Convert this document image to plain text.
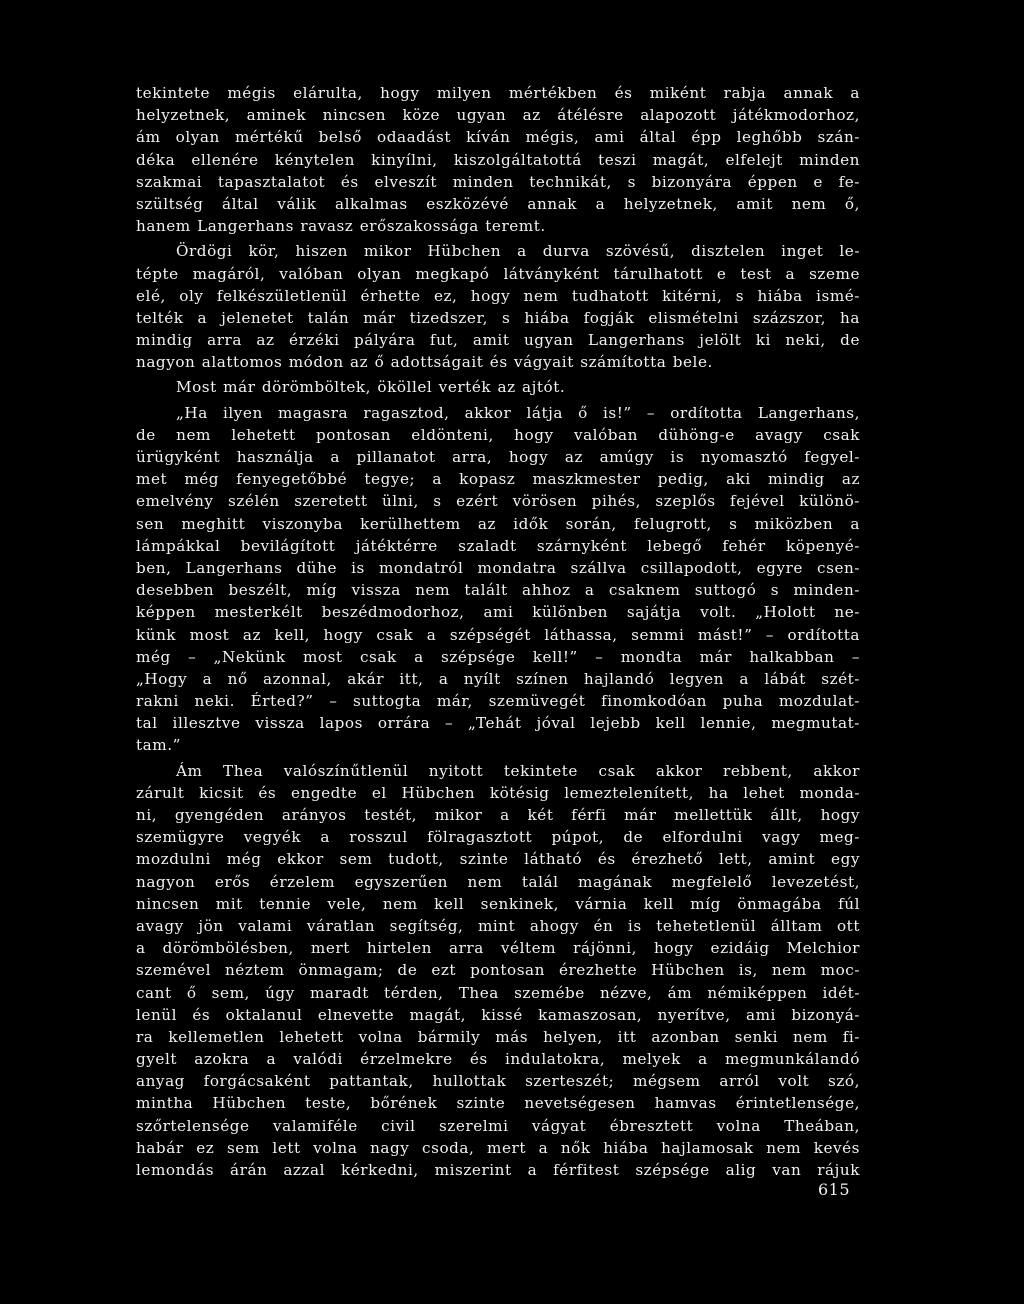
tekintete mégis elárulta, hogy milyen mértékben és miként rabja annak a
helyzetnek, aminek nincsen köze ugyan az átélésre alapozott játékmodorhoz,
ám olyan mértékű belső odaadást kíván mégis, ami által épp leghőbb szán-
déka ellenére kénytelen kinyílni, kiszolgáltatottá teszi magát, elfelejt minden
szakmai tapasztalatot és elveszít minden technikát, s bizonyára éppen e fe-
szültség által válik alkalmas eszközévé annak a helyzetnek, amit nem ő,
hanem Langerhans ravasz erőszakossága teremt.
Ördögi kör, hiszen mikor Hübchen a durva szövésű, disztelen inget le-
tépte magáról, valóban olyan megkapó látványként tárulhatott e test a szeme
elé, oly felkészületlenül érhette ez, hogy nem tudhatott kitérni, s hiába ismé-
telték a jelenetet talán már tizedszer, s hiába fogják elismételni százszor, ha
mindig arra az érzéki pályára fut, amit ugyan Langerhans jelölt ki neki, de
nagyon alattomos módon az ő adottságait és vágyait számította bele.
Most már dörömböltek, ököllel verték az ajtót.
„Ha ilyen magasra ragasztod, akkor látja ő is!” – ordította Langerhans,
de nem lehetett pontosan eldönteni, hogy valóban dühöng-e avagy csak
ürügyként használja a pillanatot arra, hogy az amúgy is nyomasztó fegyel-
met még fenyegetőbbé tegye; a kopasz maszkmester pedig, aki mindig az
emelvény szélén szeretett ülni, s ezért vörösen pihés, szeplős fejével különö-
sen meghitt viszonyba kerülhettem az idők során, felugrott, s miközben a
lámpákkal bevilágított játéktérre szaladt szárnyként lebegő fehér köpenyé-
ben, Langerhans dühe is mondatról mondatra szállva csillapodott, egyre csen-
desebben beszélt, míg vissza nem talált ahhoz a csaknem suttogó s minden-
képpen mesterkélt beszédmodorhoz, ami különben sajátja volt. „Holott ne-
künk most az kell, hogy csak a szépségét láthassa, semmi mást!” – ordította
még – „Nekünk most csak a szépsége kell!” – mondta már halkabban –
„Hogy a nő azonnal, akár itt, a nyílt színen hajlandó legyen a lábát szét-
rakni neki. Érted?” – suttogta már, szemüvegét finomkodóan puha mozdulat-
tal illesztve vissza lapos orrára – „Tehát jóval lejebb kell lennie, megmutat-
tam.”
Ám Thea valószínűtlenül nyitott tekintete csak akkor rebbent, akkor
zárult kicsit és engedte el Hübchen kötésig lemeztelenített, ha lehet monda-
ni, gyengéden arányos testét, mikor a két férfi már mellettük állt, hogy
szemügyre vegyék a rosszul fölragasztott púpot, de elfordulni vagy meg-
mozdulni még ekkor sem tudott, szinte látható és érezhető lett, amint egy
nagyon erős érzelem egyszerűen nem talál magának megfelelő levezetést,
nincsen mit tennie vele, nem kell senkinek, várnia kell míg önmagába fúl
avagy jön valami váratlan segítség, mint ahogy én is tehetetlenül álltam ott
a dörömbölésben, mert hirtelen arra véltem rájönni, hogy ezidáig Melchior
szemével néztem önmagam; de ezt pontosan érezhette Hübchen is, nem moc-
cant ő sem, úgy maradt térden, Thea szemébe nézve, ám némiképpen idét-
lenül és oktalanul elnevette magát, kissé kamaszosan, nyerítve, ami bizonyá-
ra kellemetlen lehetett volna bármily más helyen, itt azonban senki nem fi-
gyelt azokra a valódi érzelmekre és indulatokra, melyek a megmunkálandó
anyag forgácsaként pattantak, hullottak szerteszét; mégsem arról volt szó,
mintha Hübchen teste, bőrének szinte nevetségesen hamvas érintetlensége,
szőrtelensége valamiféle civil szerelmi vágyat ébresztett volna Theában,
habár ez sem lett volna nagy csoda, mert a nők hiába hajlamosak nem kevés
lemondás árán azzal kérkedni, miszerint a férfitest szépsége alig van rájuk
615
